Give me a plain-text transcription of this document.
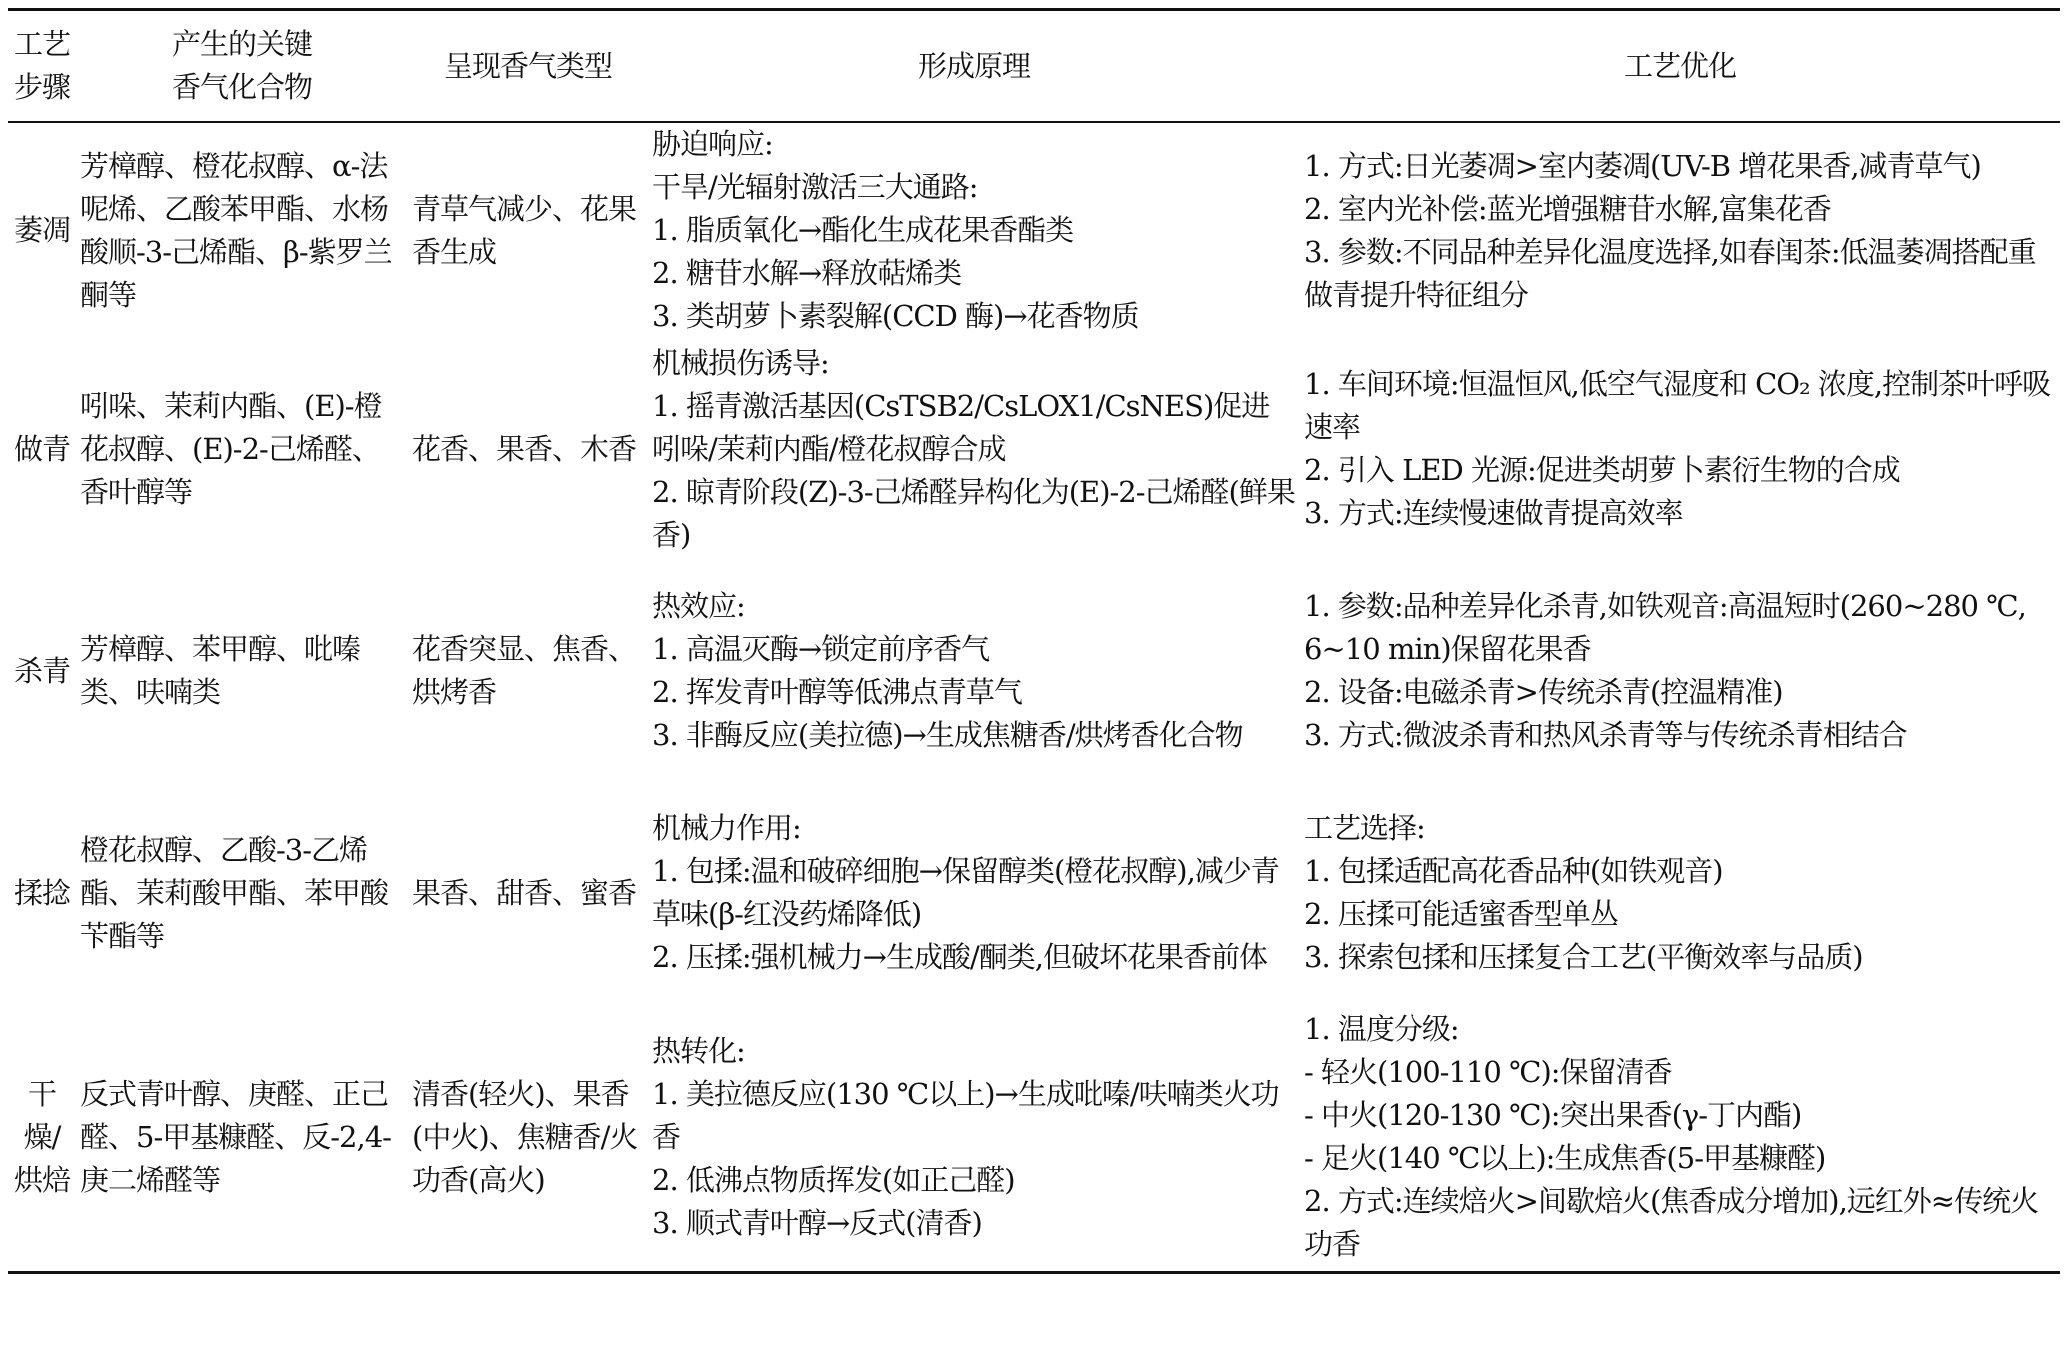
工艺
步骤	产生的关键
香气化合物	呈现香气类型	形成原理	工艺优化
萎凋	芳樟醇、橙花叔醇、α-法呢烯、乙酸苯甲酯、水杨酸顺-3-己烯酯、β-紫罗兰酮等	青草气减少、花果香生成	胁迫响应:
干旱/光辐射激活三大通路:
1. 脂质氧化→酯化生成花果香酯类
2. 糖苷水解→释放萜烯类
3. 类胡萝卜素裂解(CCD 酶)→花香物质	1. 方式:日光萎凋>室内萎凋(UV-B 增花果香,减青草气)
2. 室内光补偿:蓝光增强糖苷水解,富集花香
3. 参数:不同品种差异化温度选择,如春闺茶:低温萎凋搭配重做青提升特征组分
做青	吲哚、茉莉内酯、(E)-橙花叔醇、(E)-2-己烯醛、香叶醇等	花香、果香、木香	机械损伤诱导:
1. 摇青激活基因(CsTSB2/CsLOX1/CsNES)促进吲哚/茉莉内酯/橙花叔醇合成
2. 晾青阶段(Z)-3-己烯醛异构化为(E)-2-己烯醛(鲜果香)	1. 车间环境:恒温恒风,低空气湿度和 CO₂ 浓度,控制茶叶呼吸速率
2. 引入 LED 光源:促进类胡萝卜素衍生物的合成
3. 方式:连续慢速做青提高效率
杀青	芳樟醇、苯甲醇、吡嗪类、呋喃类	花香突显、焦香、烘烤香	热效应:
1. 高温灭酶→锁定前序香气
2. 挥发青叶醇等低沸点青草气
3. 非酶反应(美拉德)→生成焦糖香/烘烤香化合物	1. 参数:品种差异化杀青,如铁观音:高温短时(260~280 ℃, 6~10 min)保留花果香
2. 设备:电磁杀青>传统杀青(控温精准)
3. 方式:微波杀青和热风杀青等与传统杀青相结合
揉捻	橙花叔醇、乙酸-3-乙烯酯、茉莉酸甲酯、苯甲酸苄酯等	果香、甜香、蜜香	机械力作用:
1. 包揉:温和破碎细胞→保留醇类(橙花叔醇),减少青草味(β-红没药烯降低)
2. 压揉:强机械力→生成酸/酮类,但破坏花果香前体	工艺选择:
1. 包揉适配高花香品种(如铁观音)
2. 压揉可能适蜜香型单丛
3. 探索包揉和压揉复合工艺(平衡效率与品质)
干燥/
烘焙	反式青叶醇、庚醛、正己醛、5-甲基糠醛、反-2,4-庚二烯醛等	清香(轻火)、果香(中火)、焦糖香/火功香(高火)	热转化:
1. 美拉德反应(130 ℃以上)→生成吡嗪/呋喃类火功香
2. 低沸点物质挥发(如正己醛)
3. 顺式青叶醇→反式(清香)	1. 温度分级:
- 轻火(100-110 ℃):保留清香
- 中火(120-130 ℃):突出果香(γ-丁内酯)
- 足火(140 ℃以上):生成焦香(5-甲基糠醛)
2. 方式:连续焙火>间歇焙火(焦香成分增加),远红外≈传统火功香
